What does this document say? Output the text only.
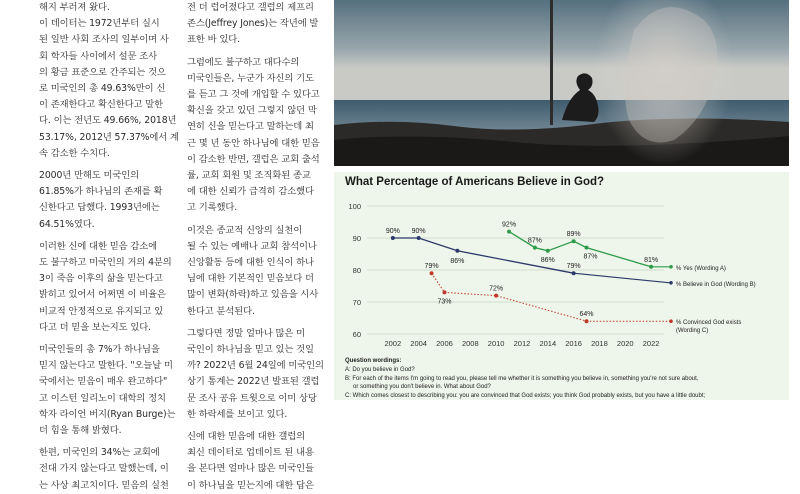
해지 부러져 왔다.

이 데이터는 1972년부터 실시

된 일반 사회 조사의 일부이며 사

회 학자들 사이에서 설문 조사

의 황금 표준으로 간주되는 것으

로 미국인의 총 49.63%만이 신

이 존재한다고 확신한다고 말한

다. 이는 전년도 49.66%, 2018년

53.17%, 2012년 57.37%에서 계

속 감소한 수치다.

2000년 만해도 미국인의

61.85%가 하나님의 존재를 확

신한다고 답했다. 1993년에는

64.51%였다.

이러한 신에 대한 믿음 감소에

도 불구하고 미국인의 거의 4분의

3이 죽음 이후의 삶을 믿는다고

밝히고 있어서 어쩌면 이 비율은

비교적 안정적으로 유지되고 있

다고 더 믿을 보는지도 있다.

미국인들의 총 7%가 하나님을

믿지 않는다고 말한다. "오늘날 미

국에서는 믿음이 매우 완고하다"

고 이스턴 일리노이 대학의 정치

학자 라이언 버지(Ryan Burge)는

더 힘을 통해 밝혔다.

한편, 미국인의 34%는 교회에

전대 가지 않는다고 말했는데, 이

는 사상 최고치이다. 믿음의 실천

전 더 럽어졌다고 갤럽의 제프리

존스(Jeffrey Jones)는 작년에 발

표한 바 있다.

그럼에도 불구하고 대다수의

미국인들은, 누군가 자신의 기도

를 듣고 그 것에 개입할 수 있다고

확신을 갖고 있던 그렇지 않던 막

연히 신을 믿는다고 말하는데 최

근 몇 년 동안 하나님에 대한 믿음

이 감소한 반면, 갤럽은 교회 출석

률, 교회 회원 및 조직화된 종교

에 대한 신뢰가 급격히 감소했다

고 기록했다.

이것은 종교적 신앙의 실천이

될 수 있는 예배나 교회 참석이나

신앙활동 등에 대한 인식이 하나

님에 대한 기본적인 믿음보다 더

많이 변화(하락)하고 있음을 시사

한다고 분석된다.

그렇다면 정말 얼마나 많은 미

국인이 하나님을 믿고 있는 것일

까? 2022년 6월 24일에 미국인의

상기 통계는 2022년 발표된 갤럽

문 조사 공유 트윗으로 이미 상당

한 하락세를 보이고 있다.

신에 대한 믿음에 대한 갤럽의

최신 데이터로 업데이트 된 내용

을 본다면 얼마나 많은 미국인들

이 하나님을 믿는지에 대한 답은

What Percentage of Americans Believe in God?
60
70
80
90
100
2002 2004 2006 2008 2010 2012 2014 2016 2018 2020 2022
% Yes (Wording A)
% Believe in God (Wording B)
% Convinced God exists
(Wording C)
90% 90%
86%
79%
92%
87%
86%
89%
87%	81%
79%
73%
72%
64%
Question wordings:
A: Do you believe in God?
B: For each of the items I'm going to read you, please tell me whether it is something you believe in, something you're not sure about,
or something you don't believe in. What about God?
C: Which comes closest to describing you: you are convinced that God exists; you think God probably exists, but you have a little doubt;
